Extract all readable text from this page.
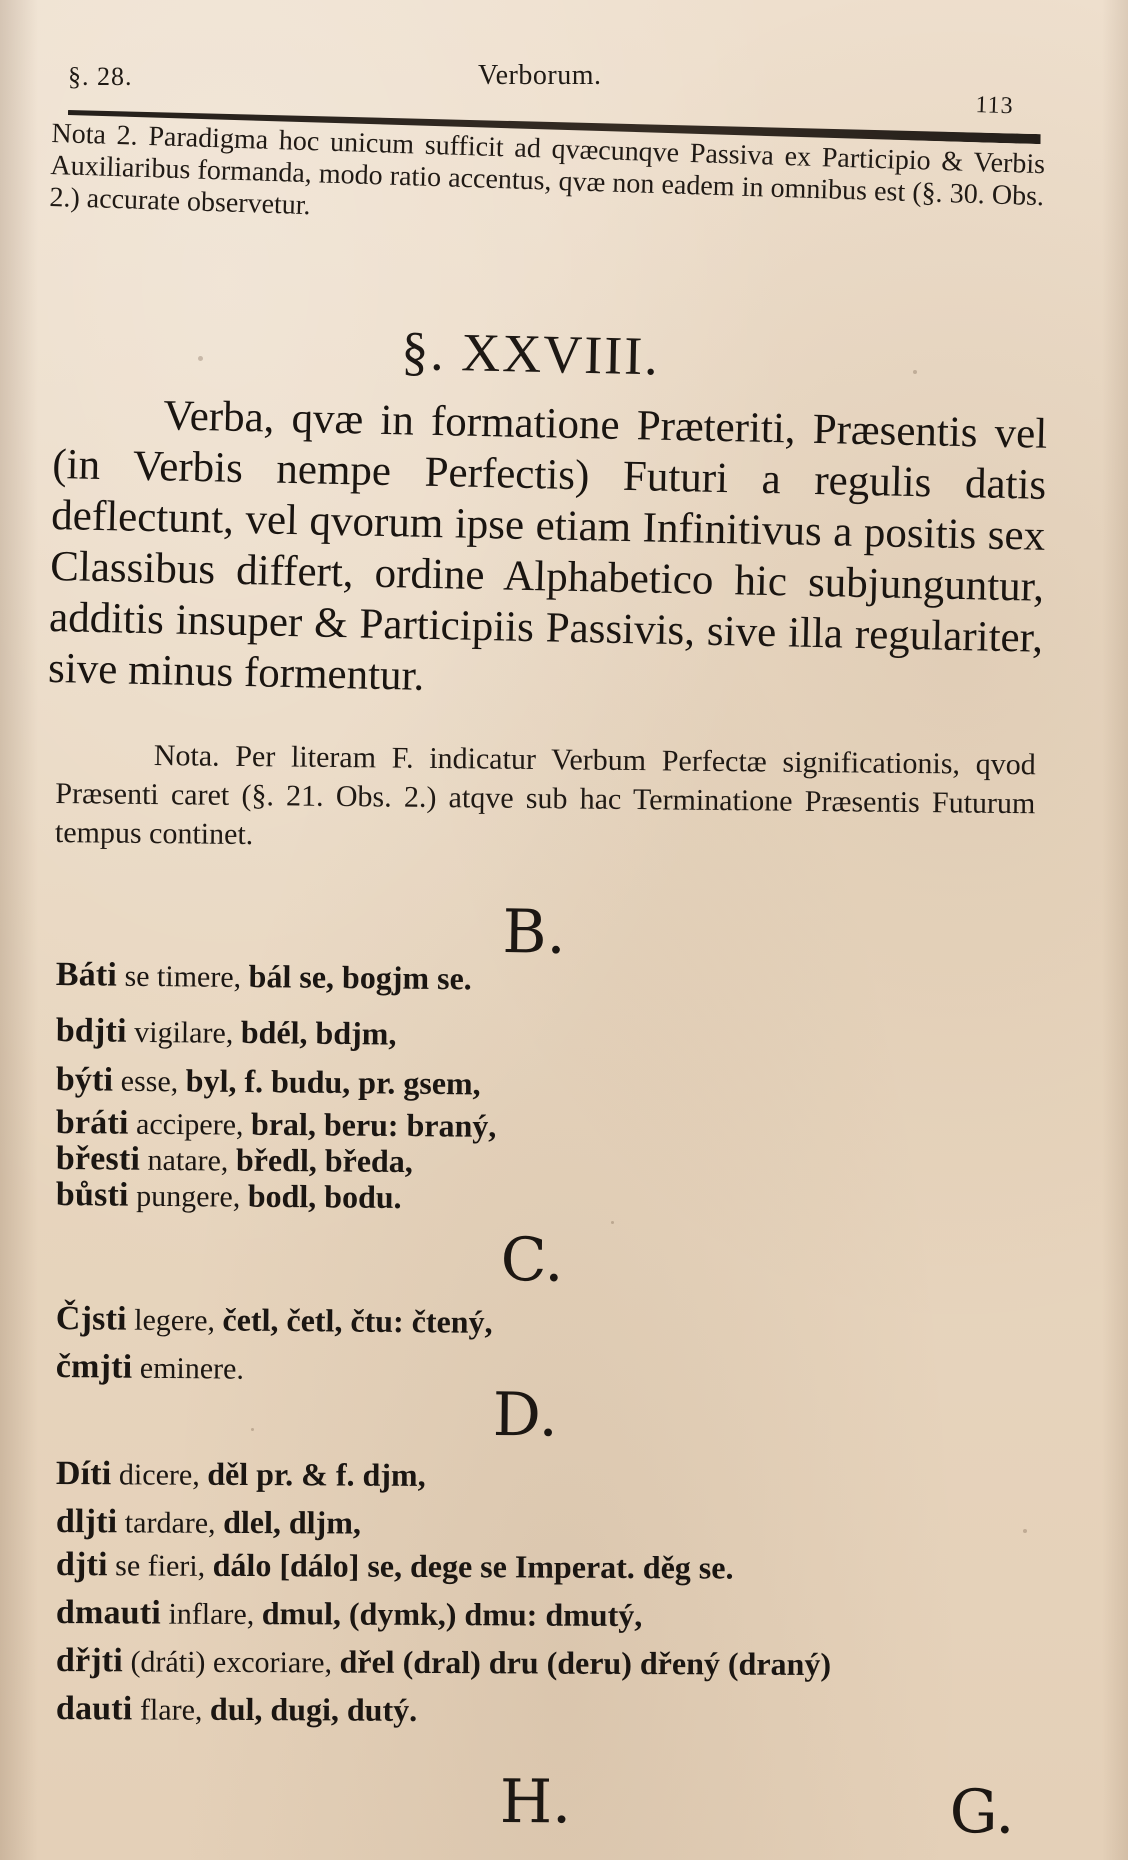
§. 28.	Verborum.
113
Nota 2. Paradigma hoc unicum sufficit ad qvæcunqve Passiva ex Participio & Verbis Auxiliaribus formanda, modo ratio accentus, qvæ non eadem in omnibus est (§. 30. Obs. 2.) accurate observetur.
§. XXVIII.
Verba, qvæ in formatione Præteriti, Præsentis vel (in Verbis nempe Perfectis) Futuri a regulis datis deflectunt, vel qvorum ipse etiam Infinitivus a positis sex Classibus differt, ordine Alphabetico hic subjunguntur, additis insuper & Participiis Passivis, sive illa regulariter, sive minus formentur.
Nota. Per literam F. indicatur Verbum Perfectæ significationis, qvod Præsenti caret (§. 21. Obs. 2.) atqve sub hac Terminatione Præsentis Futurum tempus continet.
B.
Báti se timere, bál se, bogjm se.
bdjti vigilare, bdél, bdjm,
býti esse, byl, f. budu, pr. gsem,
bráti accipere, bral, beru: braný,
břesti natare, bředl, bředa,
bůsti pungere, bodl, bodu.
C.
Čjsti legere, četl, četl, čtu: čtený,
čmjti eminere.
D.
Díti dicere, děl pr. & f. djm,
dljti tardare, dlel, dljm,
djti se fieri, dálo [dálo] se, dege se Imperat. děg se.
dmauti inflare, dmul, (dymk,) dmu: dmutý,
dřjti (dráti) excoriare, dřel (dral) dru (deru) dřený (draný)
dauti flare, dul, dugi, dutý.
H.	G.
